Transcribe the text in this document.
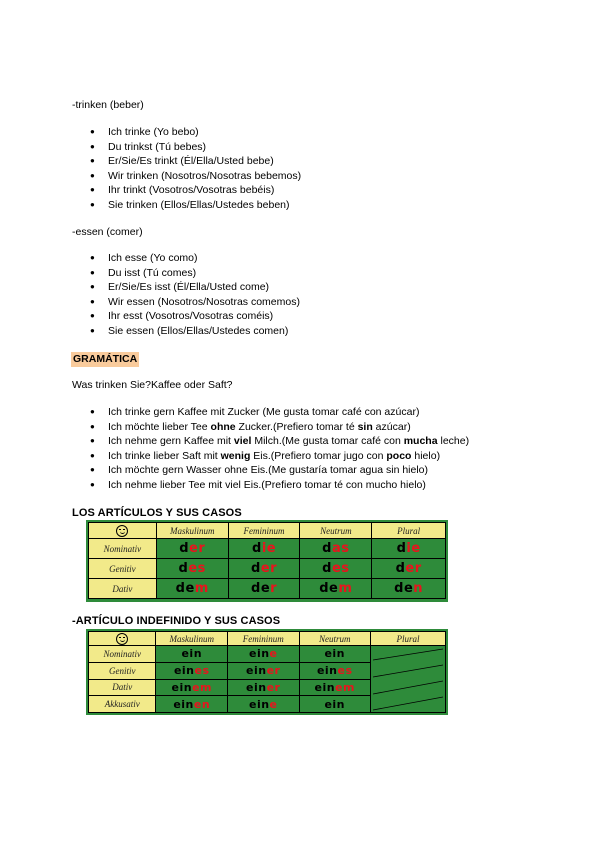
-trinken (beber)
● Ich trinke (Yo bebo)
● Du trinkst (Tú bebes)
● Er/Sie/Es trinkt (Él/Ella/Usted bebe)
● Wir trinken (Nosotros/Nosotras bebemos)
● Ihr trinkt (Vosotros/Vosotras bebéis)
● Sie trinken (Ellos/Ellas/Ustedes beben)
-essen (comer)
● Ich esse (Yo como)
● Du isst (Tú comes)
● Er/Sie/Es isst (Él/Ella/Usted come)
● Wir essen (Nosotros/Nosotras comemos)
● Ihr esst (Vosotros/Vosotras coméis)
● Sie essen (Ellos/Ellas/Ustedes comen)
GRAMÁTICA
Was trinken Sie?Kaffee oder Saft?
● Ich trinke gern Kaffee mit Zucker (Me gusta tomar café con azúcar)
● Ich möchte lieber Tee ohne Zucker.(Prefiero tomar té sin azúcar)
● Ich nehme gern Kaffee mit viel Milch.(Me gusta tomar café con mucha leche)
● Ich trinke lieber Saft mit wenig Eis.(Prefiero tomar jugo con poco hielo)
● Ich möchte gern Wasser ohne Eis.(Me gustaría tomar agua sin hielo)
● Ich nehme lieber Tee mit viel Eis.(Prefiero tomar té con mucho hielo)
LOS ARTÍCULOS Y SUS CASOS
	Maskulinum	Femininum	Neutrum	Plural
Nominativ	der	die	das	die
Genitiv	des	der	des	der
Dativ	dem	der	dem	den
-ARTÍCULO INDEFINIDO Y SUS CASOS
	Maskulinum	Femininum	Neutrum	Plural
Nominativ	ein	eine	ein	

Genitiv	eines	einer	eines	
Dativ	einem	einer	einem	
Akkusativ	einen	eine	ein	
